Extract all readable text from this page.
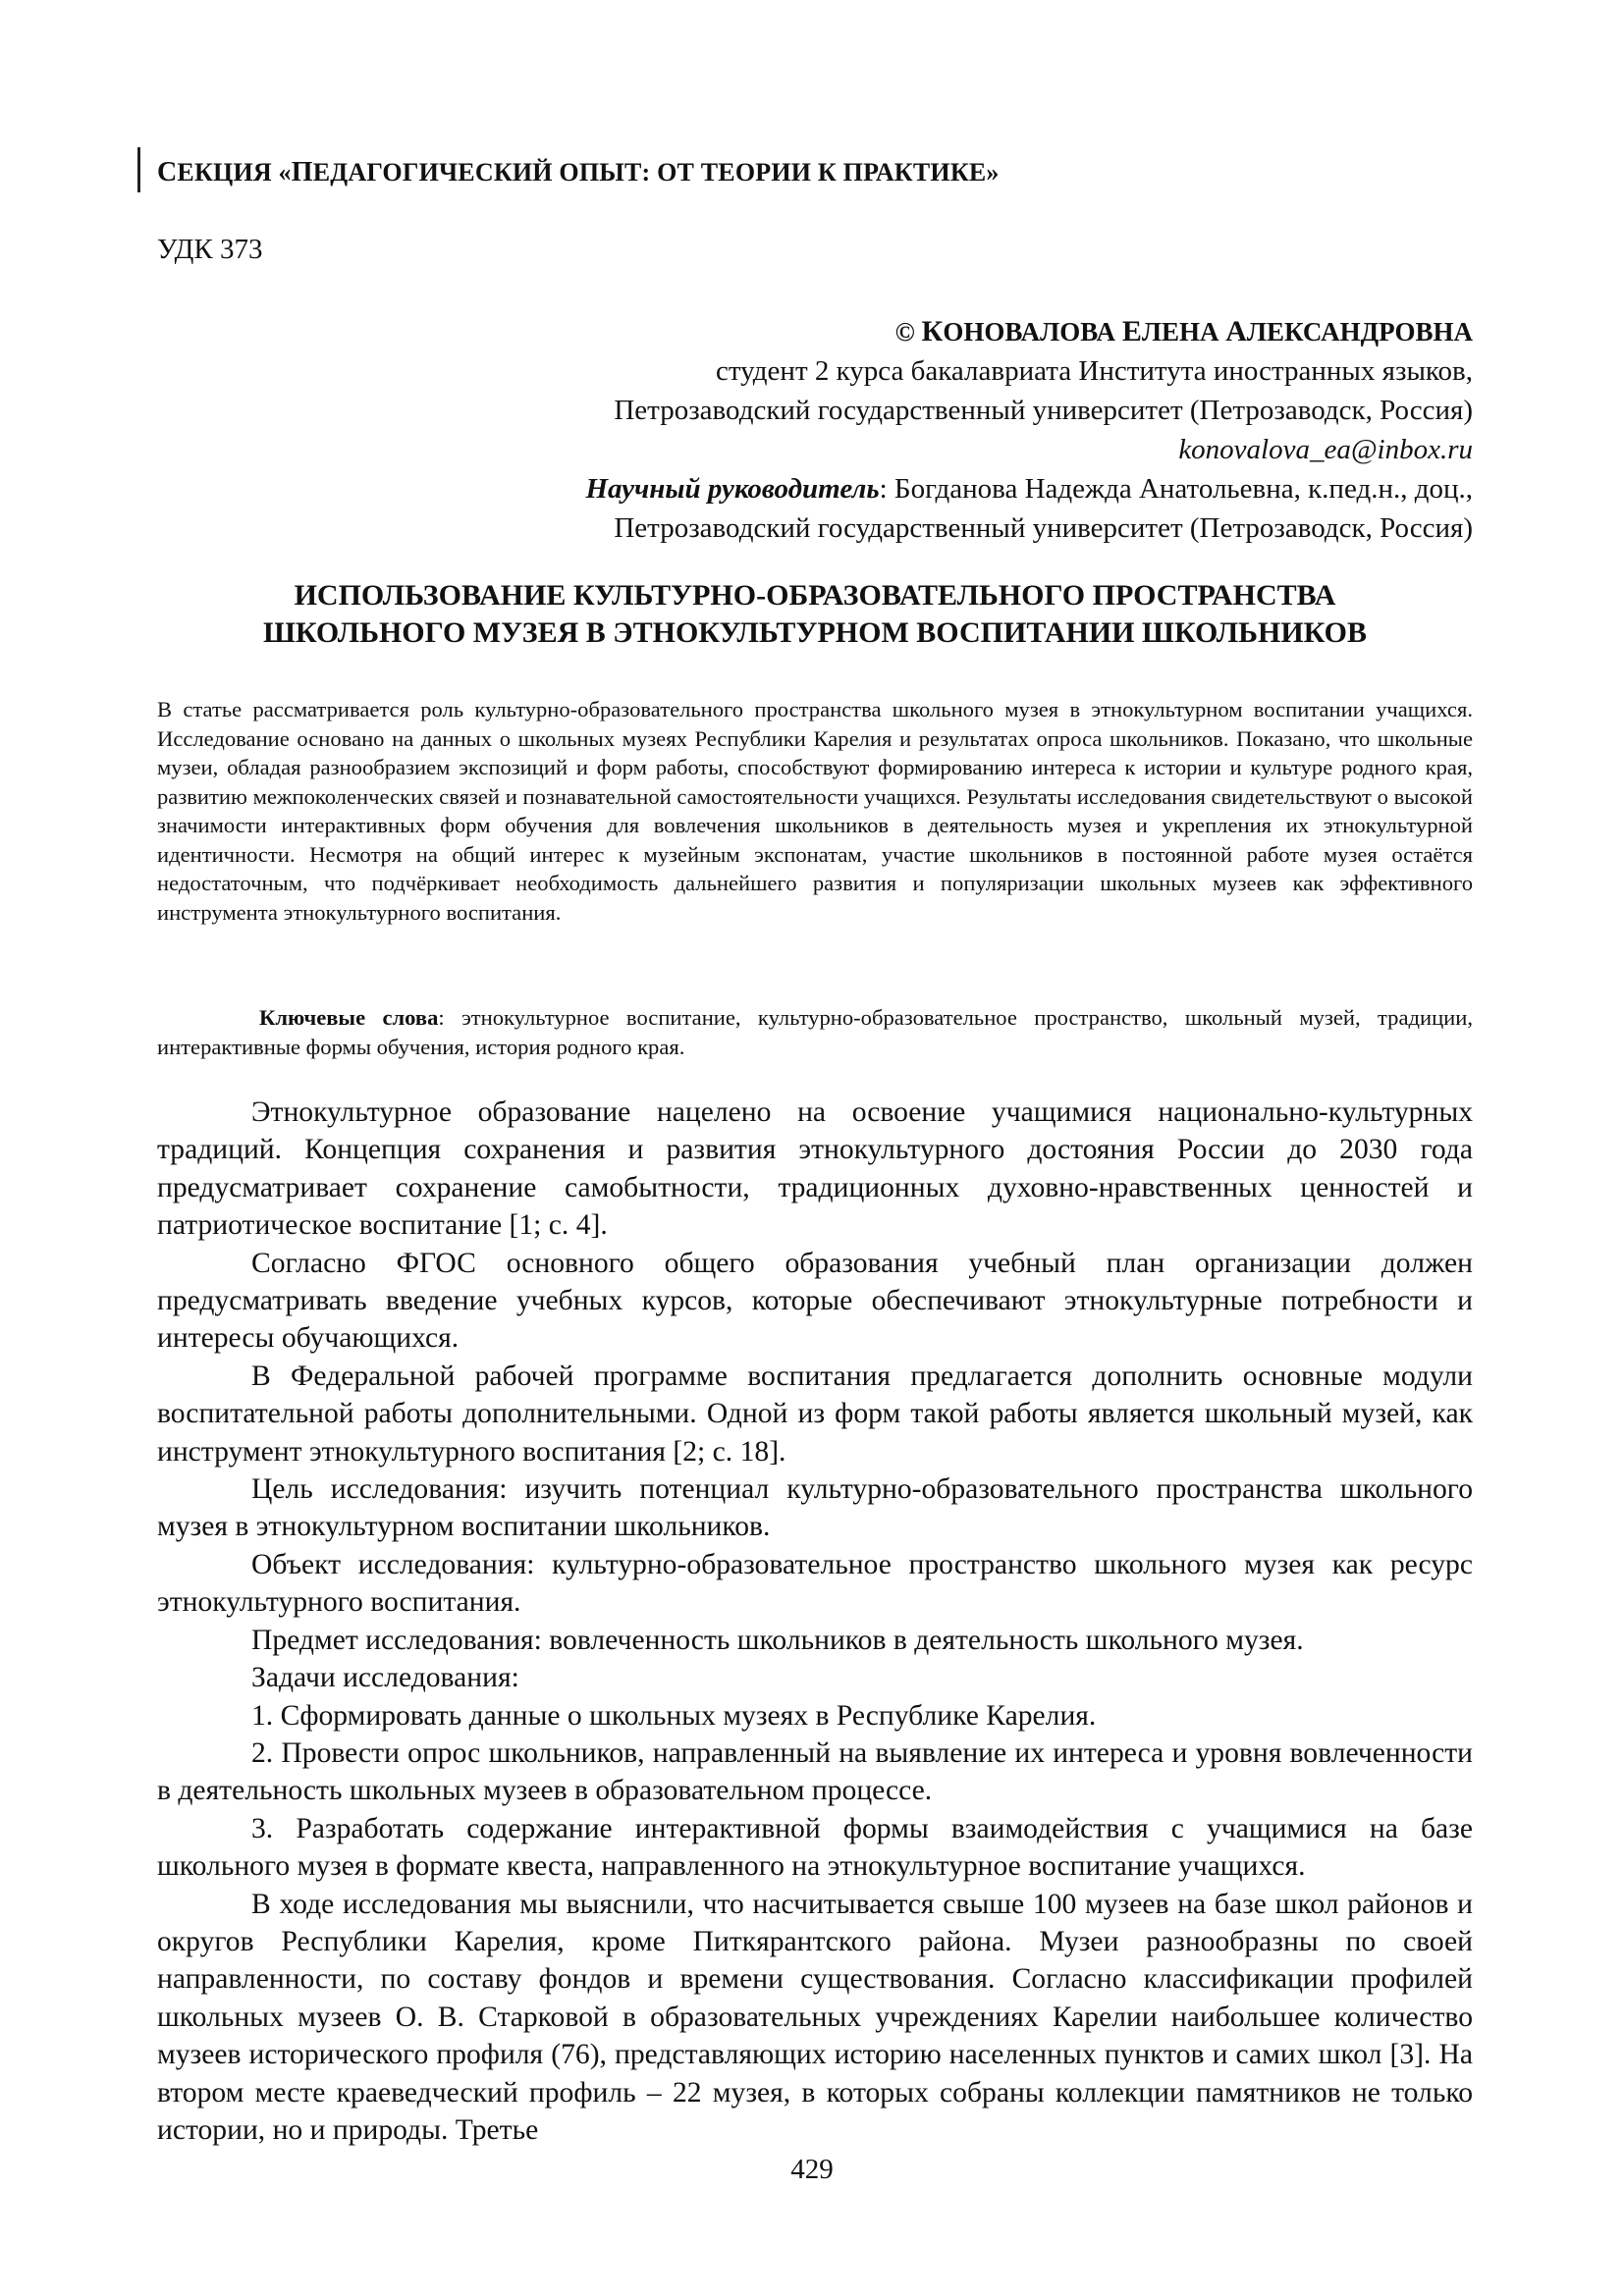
СЕКЦИЯ «ПЕДАГОГИЧЕСКИЙ ОПЫТ: ОТ ТЕОРИИ К ПРАКТИКЕ»
УДК 373
© КОНОВАЛОВА ЕЛЕНА АЛЕКСАНДРОВНА
студент 2 курса бакалавриата Института иностранных языков,
Петрозаводский государственный университет (Петрозаводск, Россия)
konovalova_ea@inbox.ru
Научный руководитель: Богданова Надежда Анатольевна, к.пед.н., доц.,
Петрозаводский государственный университет (Петрозаводск, Россия)
ИСПОЛЬЗОВАНИЕ КУЛЬТУРНО-ОБРАЗОВАТЕЛЬНОГО ПРОСТРАНСТВА
ШКОЛЬНОГО МУЗЕЯ В ЭТНОКУЛЬТУРНОМ ВОСПИТАНИИ ШКОЛЬНИКОВ
В статье рассматривается роль культурно-образовательного пространства школьного музея в этнокультурном воспитании учащихся. Исследование основано на данных о школьных музеях Республики Карелия и результатах опроса школьников. Показано, что школьные музеи, обладая разнообразием экспозиций и форм работы, способствуют формированию интереса к истории и культуре родного края, развитию межпоколенческих связей и познавательной самостоятельности учащихся. Результаты исследования свидетельствуют о высокой значимости интерактивных форм обучения для вовлечения школьников в деятельность музея и укрепления их этнокультурной идентичности. Несмотря на общий интерес к музейным экспонатам, участие школьников в постоянной работе музея остаётся недостаточным, что подчёркивает необходимость дальнейшего развития и популяризации школьных музеев как эффективного инструмента этнокультурного воспитания.
Ключевые слова: этнокультурное воспитание, культурно-образовательное пространство, школьный музей, традиции, интерактивные формы обучения, история родного края.

Этнокультурное образование нацелено на освоение учащимися национально-культурных традиций. Концепция сохранения и развития этнокультурного достояния России до 2030 года предусматривает сохранение самобытности, традиционных духовно-нравственных ценностей и патриотическое воспитание [1; с. 4].

Согласно ФГОС основного общего образования учебный план организации должен предусматривать введение учебных курсов, которые обеспечивают этнокультурные потребности и интересы обучающихся.

В Федеральной рабочей программе воспитания предлагается дополнить основные модули воспитательной работы дополнительными. Одной из форм такой работы является школьный музей, как инструмент этнокультурного воспитания [2; с. 18].

Цель исследования: изучить потенциал культурно-образовательного пространства школьного музея в этнокультурном воспитании школьников.

Объект исследования: культурно-образовательное пространство школьного музея как ресурс этнокультурного воспитания.

Предмет исследования: вовлеченность школьников в деятельность школьного музея.

Задачи исследования:

1. Сформировать данные о школьных музеях в Республике Карелия.

2. Провести опрос школьников, направленный на выявление их интереса и уровня вовлеченности в деятельность школьных музеев в образовательном процессе.

3. Разработать содержание интерактивной формы взаимодействия с учащимися на базе школьного музея в формате квеста, направленного на этнокультурное воспитание учащихся.

В ходе исследования мы выяснили, что насчитывается свыше 100 музеев на базе школ районов и округов Республики Карелия, кроме Питкярантского района. Музеи разнообразны по своей направленности, по составу фондов и времени существования. Согласно классификации профилей школьных музеев О. В. Старковой в образовательных учреждениях Карелии наибольшее количество музеев исторического профиля (76), представляющих историю населенных пунктов и самих школ [3]. На втором месте краеведческий профиль – 22 музея, в которых собраны коллекции памятников не только истории, но и природы. Третье

429
